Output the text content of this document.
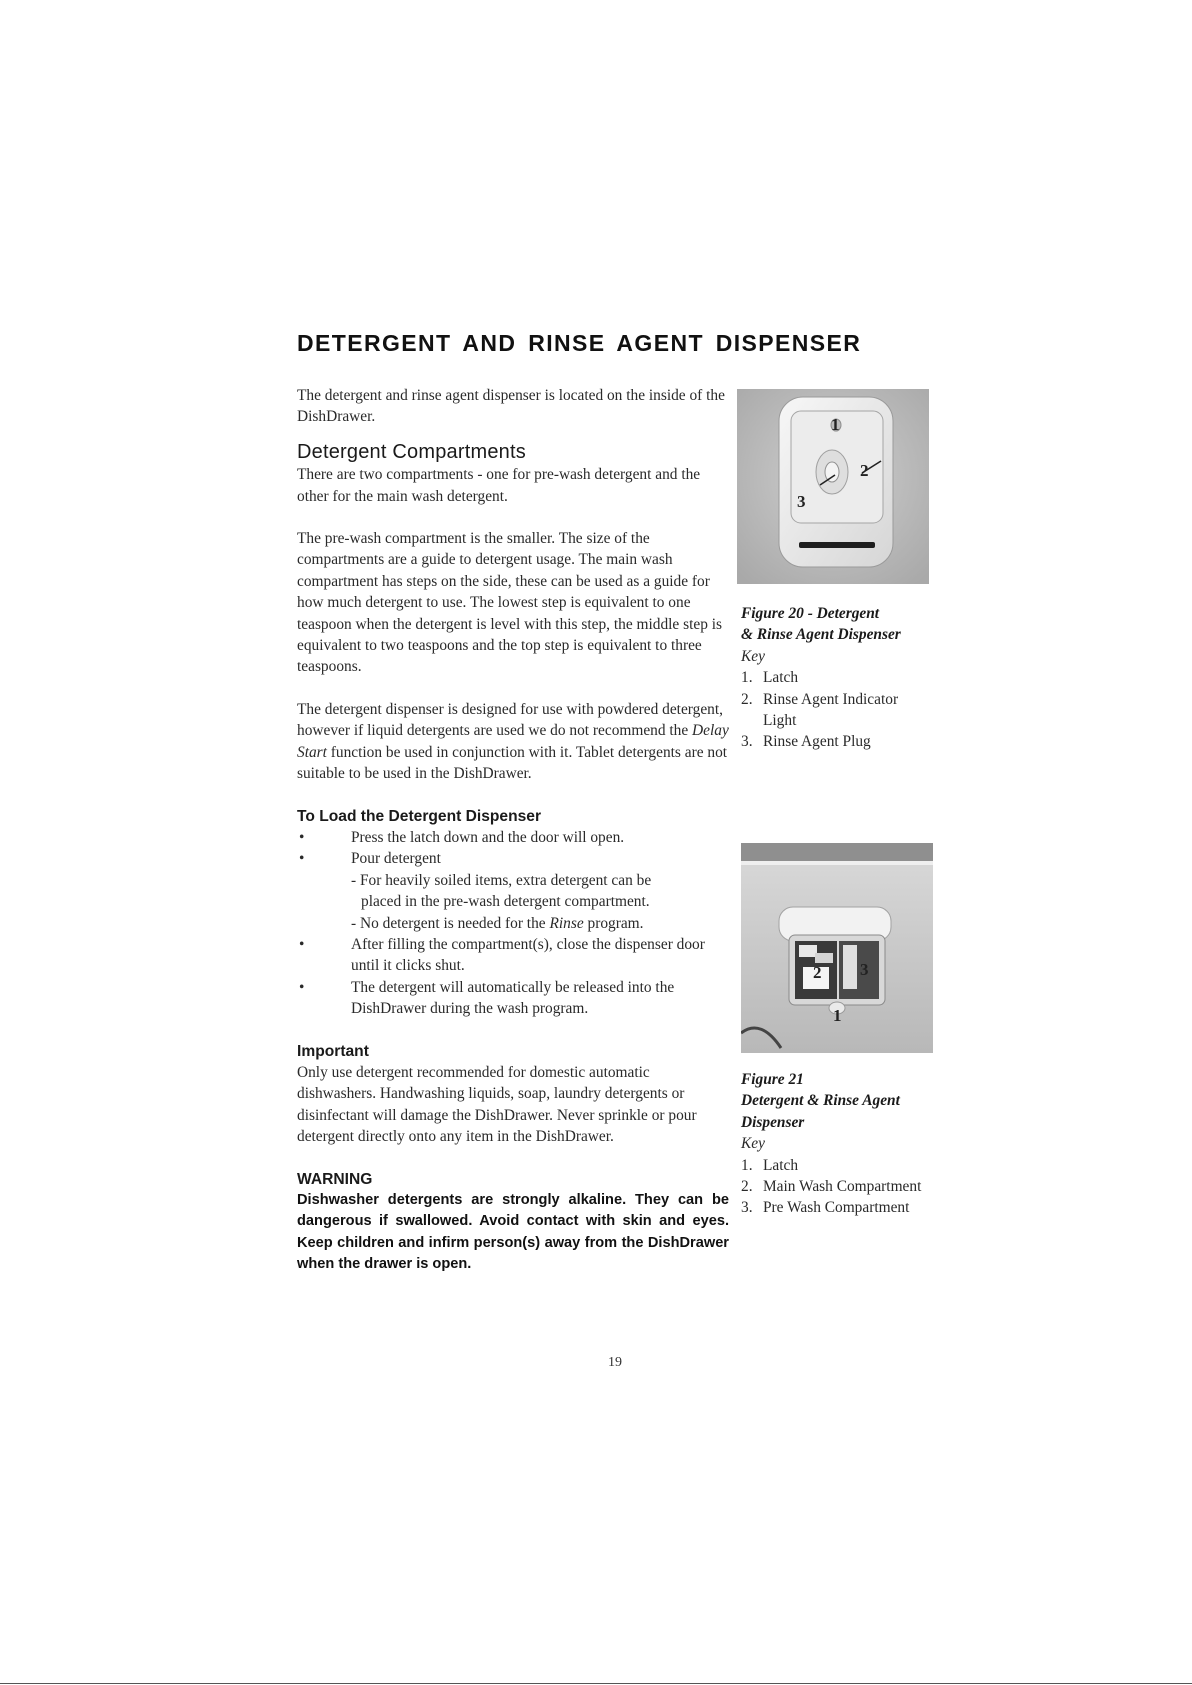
DETERGENT AND RINSE AGENT DISPENSER

The detergent and rinse agent dispenser is located on the inside of the DishDrawer.

Detergent Compartments

There are two compartments - one for pre-wash detergent and the other for the main wash detergent.

The pre-wash compartment is the smaller. The size of the compartments are a guide to detergent usage. The main wash compartment has steps on the side, these can be used as a guide for how much detergent to use. The lowest step is equivalent to one teaspoon when the detergent is level with this step, the middle step is equivalent to two teaspoons and the top step is equivalent to three teaspoons.

The detergent dispenser is designed for use with powdered detergent, however if liquid detergents are used we do not recommend the Delay Start function be used in conjunction with it. Tablet detergents are not suitable to be used in the DishDrawer.

To Load the Detergent Dispenser
•	Press the latch down and the door will open.
•	Pour detergent
- For heavily soiled items, extra detergent can be
placed in the pre-wash detergent compartment.
- No detergent is needed for the Rinse program.
•	After filling the compartment(s), close the dispenser door until it clicks shut.
•	The detergent will automatically be released into the DishDrawer during the wash program.
Important

Only use detergent recommended for domestic automatic dishwashers. Handwashing liquids, soap, laundry detergents or disinfectant will damage the DishDrawer. Never sprinkle or pour detergent directly onto any item in the DishDrawer.

WARNING

Dishwasher detergents are strongly alkaline. They can be dangerous if swallowed. Avoid contact with skin and eyes. Keep children and infirm person(s) away from the DishDrawer when the drawer is open.

1
2
3
Figure 20 - Detergent
& Rinse Agent Dispenser
Key
1. Latch
2. Rinse Agent Indicator
Light
3. Rinse Agent Plug
2 3
1
Figure 21
Detergent & Rinse Agent
Dispenser
Key
1. Latch
2. Main Wash Compartment
3. Pre Wash Compartment
19
